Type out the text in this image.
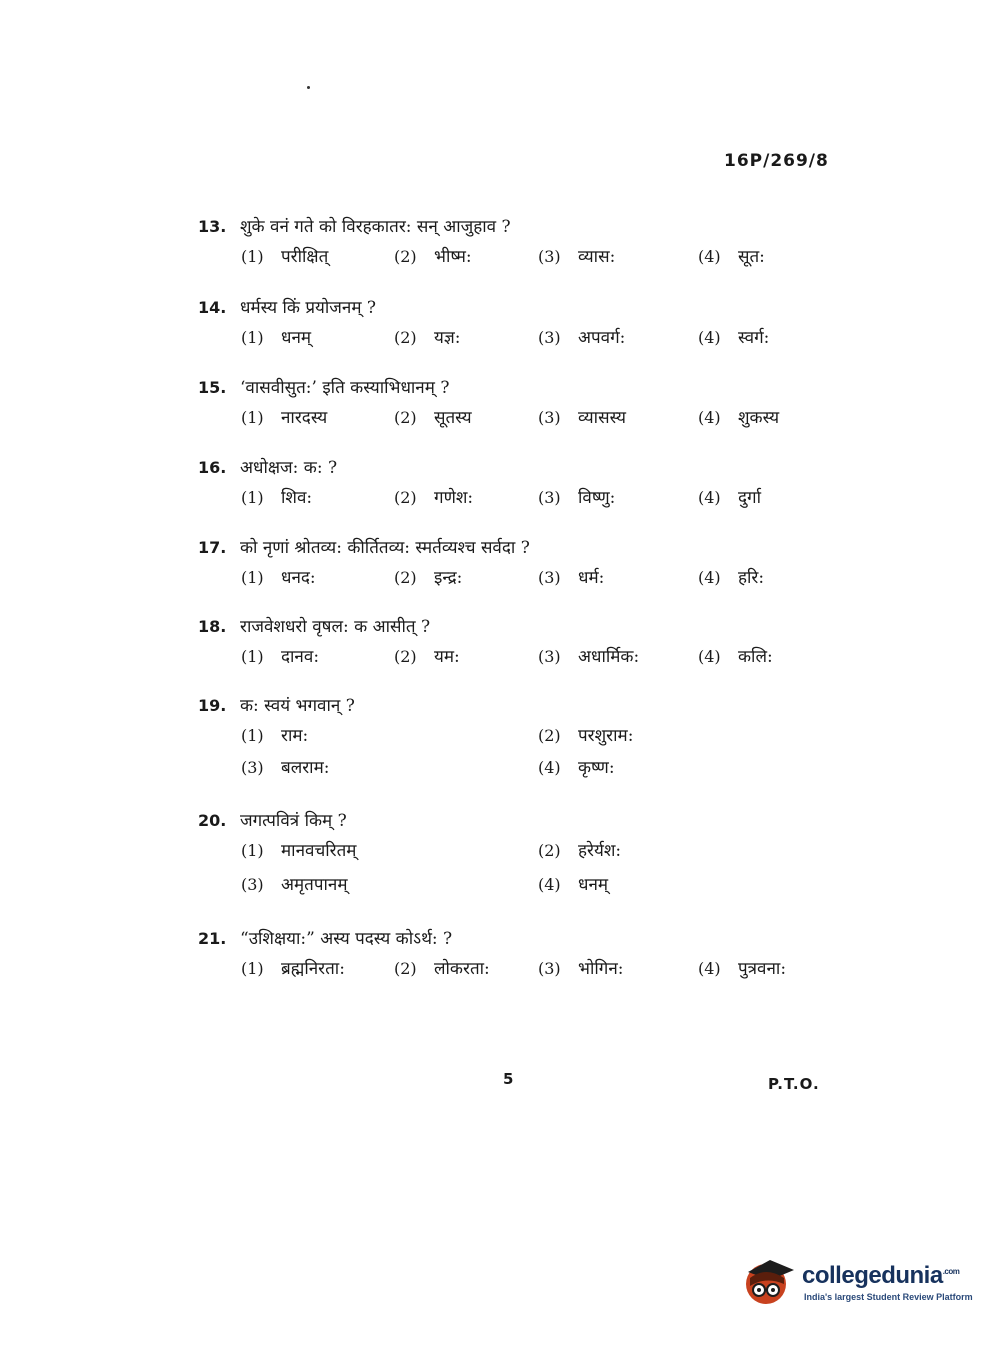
16P/269/8
13. शुके वनं गते को विरहकातर: सन् आजुहाव ?
(1)	परीक्षित्	(2)	भीष्म:	(3)	व्यास:	(4)	सूत:
14. धर्मस्य किं प्रयोजनम् ?
(1)	धनम्	(2)	यज्ञ:	(3)	अपवर्ग:	(4)	स्वर्ग:
15. ‘वासवीसुत:’ इति कस्याभिधानम् ?
(1)	नारदस्य	(2)	सूतस्य	(3)	व्यासस्य	(4)	शुकस्य
16. अधोक्षज: क: ?
(1)	शिव:	(2)	गणेश:	(3)	विष्णु:	(4)	दुर्गा
17. को नृणां श्रोतव्य: कीर्तितव्य: स्मर्तव्यश्च सर्वदा ?
(1)	धनद:	(2)	इन्द्र:	(3)	धर्म:	(4)	हरि:
18. राजवेशधरो वृषल: क आसीत् ?
(1)	दानव:	(2)	यम:	(3)	अधार्मिक:	(4)	कलि:
19. क: स्वयं भगवान् ?
(1)	राम:	(2)	परशुराम:
(3)	बलराम:	(4)	कृष्ण:
20. जगत्पवित्रं किम् ?
(1)	मानवचरितम्	(2)	हरेर्यश:
(3)	अमृतपानम्	(4)	धनम्
21. “उशिक्षया:” अस्य पदस्य कोऽर्थ: ?
(1)	ब्रह्मनिरता:	(2)	लोकरता:	(3)	भोगिन:	(4)	पुत्रवना:
5	P.T.O.
collegedunia$^{.com}$
India's largest Student Review Platform
